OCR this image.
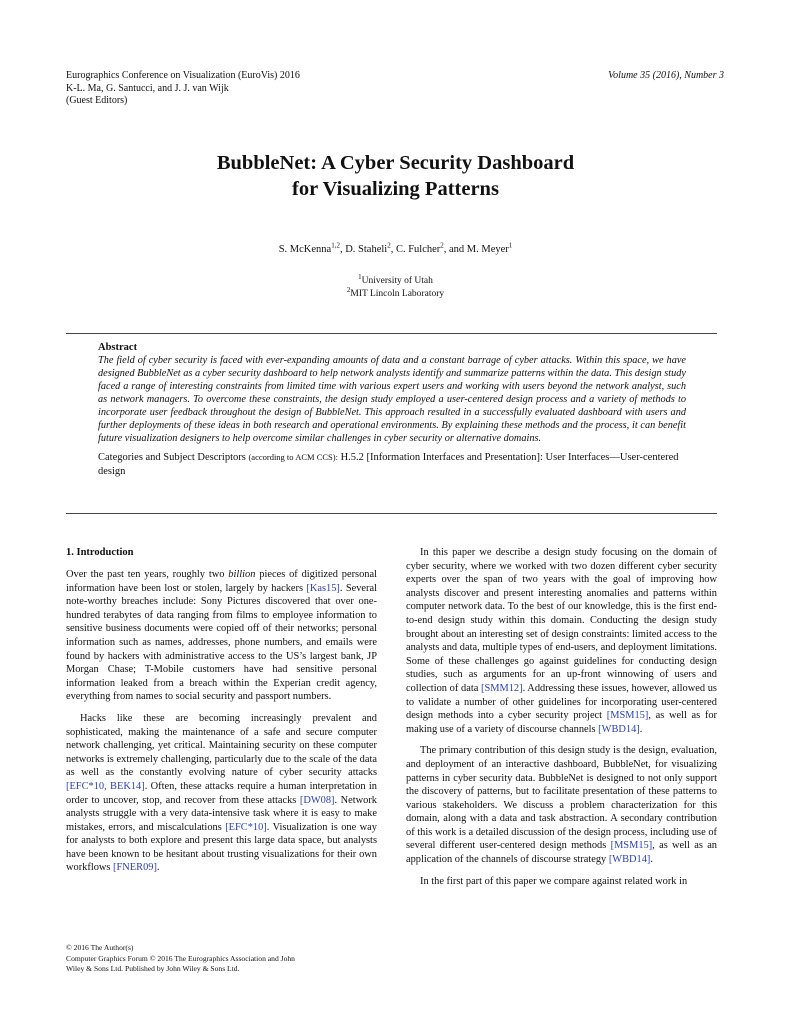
Eurographics Conference on Visualization (EuroVis) 2016
K-L. Ma, G. Santucci, and J. J. van Wijk
(Guest Editors)
Volume 35 (2016), Number 3
BubbleNet: A Cyber Security Dashboard
for Visualizing Patterns
S. McKenna$^{1,2}$, D. Staheli$^2$, C. Fulcher$^2$, and M. Meyer$^1$
$^1$University of Utah
$^2$MIT Lincoln Laboratory
Abstract
The field of cyber security is faced with ever-expanding amounts of data and a constant barrage of cyber attacks. Within this space, we have designed BubbleNet as a cyber security dashboard to help network analysts identify and summarize patterns within the data. This design study faced a range of interesting constraints from limited time with various expert users and working with users beyond the network analyst, such as network managers. To overcome these constraints, the design study employed a user-centered design process and a variety of methods to incorporate user feedback throughout the design of BubbleNet. This approach resulted in a successfully evaluated dashboard with users and further deployments of these ideas in both research and operational environments. By explaining these methods and the process, it can benefit future visualization designers to help overcome similar challenges in cyber security or alternative domains.
Categories and Subject Descriptors (according to ACM CCS): H.5.2 [Information Interfaces and Presentation]: User Interfaces—User-centered design
1. Introduction

Over the past ten years, roughly two billion pieces of digitized personal information have been lost or stolen, largely by hackers [Kas15]. Several note-worthy breaches include: Sony Pictures discovered that over one-hundred terabytes of data ranging from films to employee information to sensitive business documents were copied off of their networks; personal information such as names, addresses, phone numbers, and emails were found by hackers with administrative access to the US’s largest bank, JP Morgan Chase; T-Mobile customers have had sensitive personal information leaked from a breach within the Experian credit agency, everything from names to social security and passport numbers.

Hacks like these are becoming increasingly prevalent and sophisticated, making the maintenance of a safe and secure computer network challenging, yet critical. Maintaining security on these computer networks is extremely challenging, particularly due to the scale of the data as well as the constantly evolving nature of cyber security attacks [EFC*10, BEK14]. Often, these attacks require a human interpretation in order to uncover, stop, and recover from these attacks [DW08]. Network analysts struggle with a very data-intensive task where it is easy to make mistakes, errors, and miscalculations [EFC*10]. Visualization is one way for analysts to both explore and present this large data space, but analysts have been known to be hesitant about trusting visualizations for their own workflows [FNER09].

In this paper we describe a design study focusing on the domain of cyber security, where we worked with two dozen different cyber security experts over the span of two years with the goal of improving how analysts discover and present interesting anomalies and patterns within computer network data. To the best of our knowledge, this is the first end-to-end design study within this domain. Conducting the design study brought about an interesting set of design constraints: limited access to the analysts and data, multiple types of end-users, and deployment limitations. Some of these challenges go against guidelines for conducting design studies, such as arguments for an up-front winnowing of users and collection of data [SMM12]. Addressing these issues, however, allowed us to validate a number of other guidelines for incorporating user-centered design methods into a cyber security project [MSM15], as well as for making use of a variety of discourse channels [WBD14].

The primary contribution of this design study is the design, evaluation, and deployment of an interactive dashboard, BubbleNet, for visualizing patterns in cyber security data. BubbleNet is designed to not only support the discovery of patterns, but to facilitate presentation of these patterns to various stakeholders. We discuss a problem characterization for this domain, along with a data and task abstraction. A secondary contribution of this work is a detailed discussion of the design process, including use of several different user-centered design methods [MSM15], as well as an application of the channels of discourse strategy [WBD14].

In the first part of this paper we compare against related work in

© 2016 The Author(s)
Computer Graphics Forum © 2016 The Eurographics Association and John
Wiley & Sons Ltd. Published by John Wiley & Sons Ltd.
